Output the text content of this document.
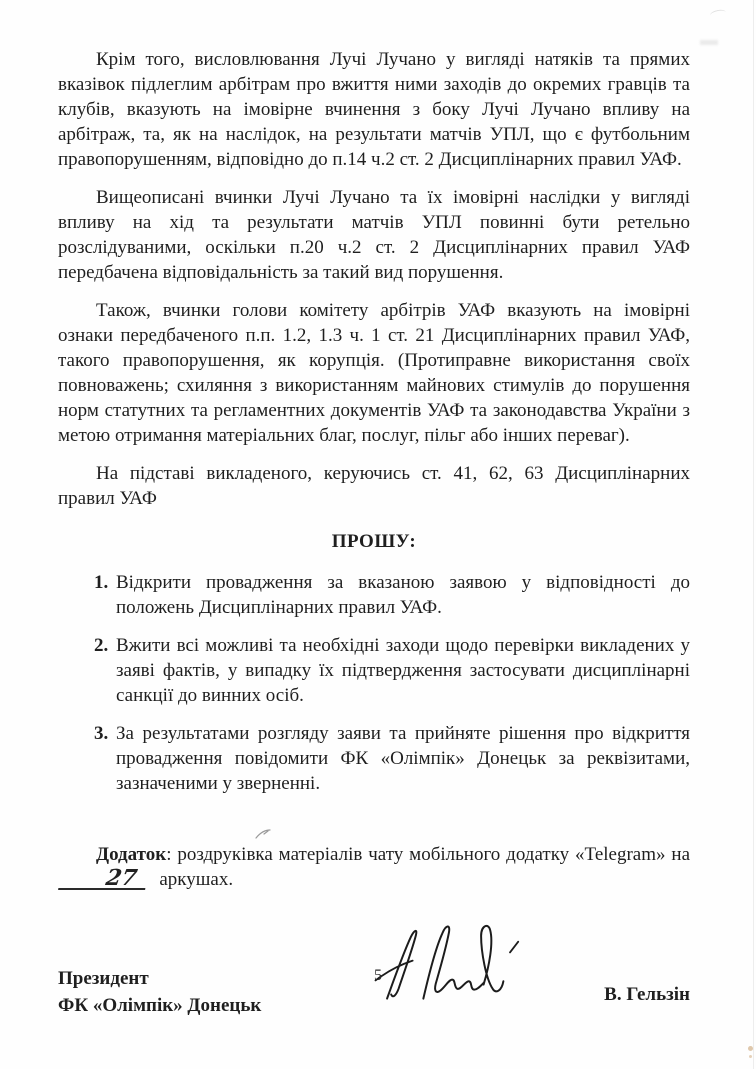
Крім того, висловлювання Лучі Лучано у вигляді натяків та прямих вказівок підлеглим арбітрам про вжиття ними заходів до окремих гравців та клубів, вказують на імовірне вчинення з боку Лучі Лучано впливу на арбітраж, та, як на наслідок, на результати матчів УПЛ, що є футбольним правопорушенням, відповідно до п.14 ч.2 ст. 2 Дисциплінарних правил УАФ.

Вищеописані вчинки Лучі Лучано та їх імовірні наслідки у вигляді впливу на хід та результати матчів УПЛ повинні бути ретельно розслідуваними, оскільки п.20 ч.2 ст. 2 Дисциплінарних правил УАФ передбачена відповідальність за такий вид порушення.

Також, вчинки голови комітету арбітрів УАФ вказують на імовірні ознаки передбаченого п.п. 1.2, 1.3 ч. 1 ст. 21 Дисциплінарних правил УАФ, такого правопорушення, як корупція. (Протиправне використання своїх повноважень; схиляння з використанням майнових стимулів до порушення норм статутних та регламентних документів УАФ та законодавства України з метою отримання матеріальних благ, послуг, пільг або інших переваг).

На підставі викладеного, керуючись ст. 41, 62, 63 Дисциплінарних правил УАФ

ПРОШУ:
1. Відкрити провадження за вказаною заявою у відповідності до положень Дисциплінарних правил УАФ.
2. Вжити всі можливі та необхідні заходи щодо перевірки викладених у заяві фактів, у випадку їх підтвердження застосувати дисциплінарні санкції до винних осіб.
3. За результатами розгляду заяви та прийняте рішення про відкриття провадження повідомити ФК «Олімпік» Донецьк за реквізитами, зазначеними у зверненні.

Додаток: роздруківка матеріалів чату мобільного додатку «Telegram» на 27 аркушах.

Президент
ФК «Олімпік» Донецьк
В. Гельзін
5
